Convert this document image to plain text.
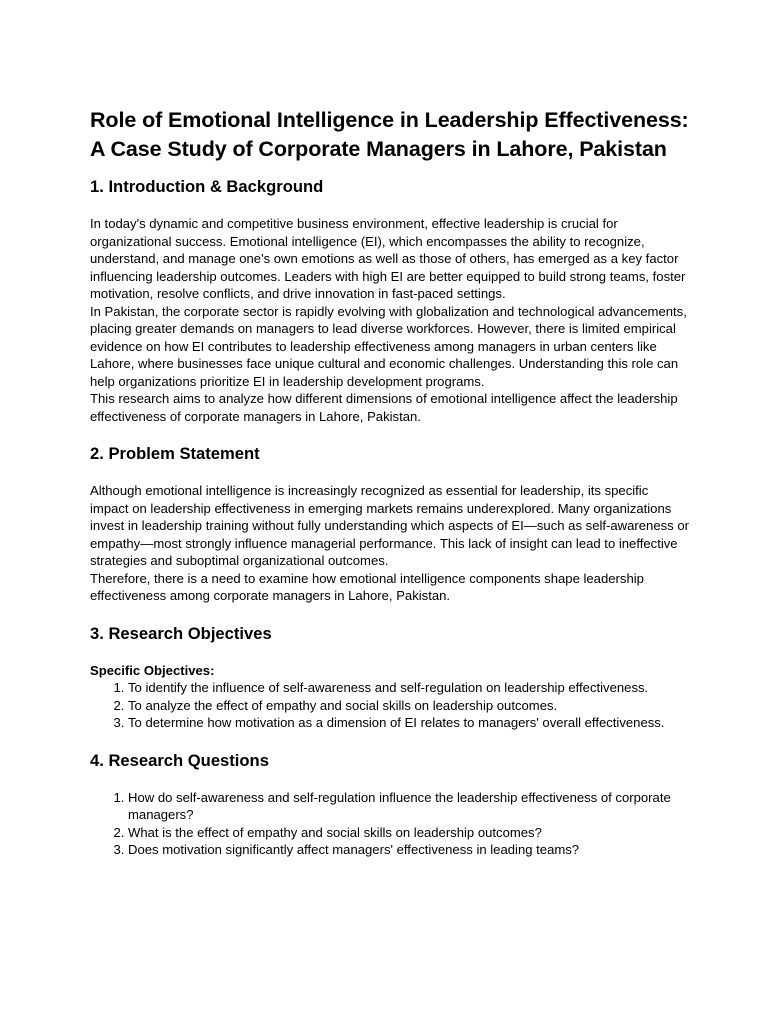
Role of Emotional Intelligence in Leadership Effectiveness: A Case Study of Corporate Managers in Lahore, Pakistan
1. Introduction & Background

In today's dynamic and competitive business environment, effective leadership is crucial for organizational success. Emotional intelligence (EI), which encompasses the ability to recognize, understand, and manage one's own emotions as well as those of others, has emerged as a key factor influencing leadership outcomes. Leaders with high EI are better equipped to build strong teams, foster motivation, resolve conflicts, and drive innovation in fast-paced settings.

In Pakistan, the corporate sector is rapidly evolving with globalization and technological advancements, placing greater demands on managers to lead diverse workforces. However, there is limited empirical evidence on how EI contributes to leadership effectiveness among managers in urban centers like Lahore, where businesses face unique cultural and economic challenges. Understanding this role can help organizations prioritize EI in leadership development programs.

This research aims to analyze how different dimensions of emotional intelligence affect the leadership effectiveness of corporate managers in Lahore, Pakistan.

2. Problem Statement

Although emotional intelligence is increasingly recognized as essential for leadership, its specific impact on leadership effectiveness in emerging markets remains underexplored. Many organizations invest in leadership training without fully understanding which aspects of EI—such as self-awareness or empathy—most strongly influence managerial performance. This lack of insight can lead to ineffective strategies and suboptimal organizational outcomes.

Therefore, there is a need to examine how emotional intelligence components shape leadership effectiveness among corporate managers in Lahore, Pakistan.

3. Research Objectives
Specific Objectives:
1. To identify the influence of self-awareness and self-regulation on leadership effectiveness.
2. To analyze the effect of empathy and social skills on leadership outcomes.
3. To determine how motivation as a dimension of EI relates to managers' overall effectiveness.
4. Research Questions
1. How do self-awareness and self-regulation influence the leadership effectiveness of corporate managers?
2. What is the effect of empathy and social skills on leadership outcomes?
3. Does motivation significantly affect managers' effectiveness in leading teams?
